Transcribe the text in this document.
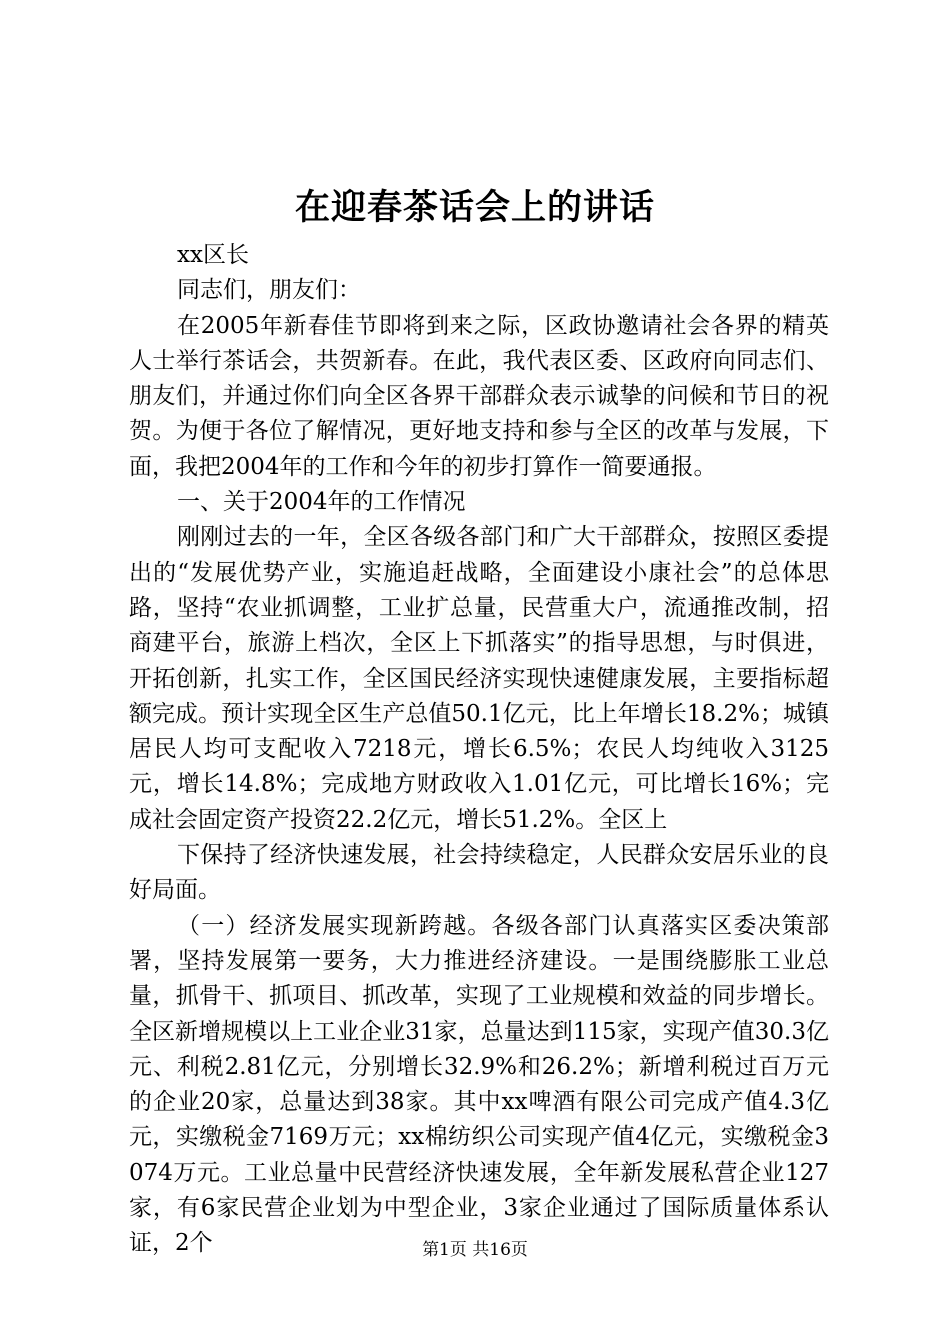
在迎春茶话会上的讲话

xx区长

同志们，朋友们：

在2005年新春佳节即将到来之际，区政协邀请社会各界的精英人士举行茶话会，共贺新春。在此，我代表区委、区政府向同志们、朋友们，并通过你们向全区各界干部群众表示诚挚的问候和节日的祝贺。为便于各位了解情况，更好地支持和参与全区的改革与发展，下面，我把2004年的工作和今年的初步打算作一简要通报。

一、关于2004年的工作情况

刚刚过去的一年，全区各级各部门和广大干部群众，按照区委提出的“发展优势产业，实施追赶战略，全面建设小康社会”的总体思路，坚持“农业抓调整，工业扩总量，民营重大户，流通推改制，招商建平台，旅游上档次，全区上下抓落实”的指导思想，与时俱进，开拓创新，扎实工作，全区国民经济实现快速健康发展，主要指标超额完成。预计实现全区生产总值50.1亿元，比上年增长18.2%；城镇居民人均可支配收入7218元，增长6.5%；农民人均纯收入3125元，增长14.8%；完成地方财政收入1.01亿元，可比增长16%；完成社会固定资产投资22.2亿元，增长51.2%。全区上

下保持了经济快速发展，社会持续稳定，人民群众安居乐业的良好局面。

（一）经济发展实现新跨越。各级各部门认真落实区委决策部署，坚持发展第一要务，大力推进经济建设。一是围绕膨胀工业总量，抓骨干、抓项目、抓改革，实现了工业规模和效益的同步增长。全区新增规模以上工业企业31家，总量达到115家，实现产值30.3亿元、利税2.81亿元，分别增长32.9%和26.2%；新增利税过百万元的企业20家，总量达到38家。其中xx啤酒有限公司完成产值4.3亿元，实缴税金7169万元；xx棉纺织公司实现产值4亿元，实缴税金3074万元。工业总量中民营经济快速发展，全年新发展私营企业127家，有6家民营企业划为中型企业，3家企业通过了国际质量体系认证，2个	第1页 共16页
